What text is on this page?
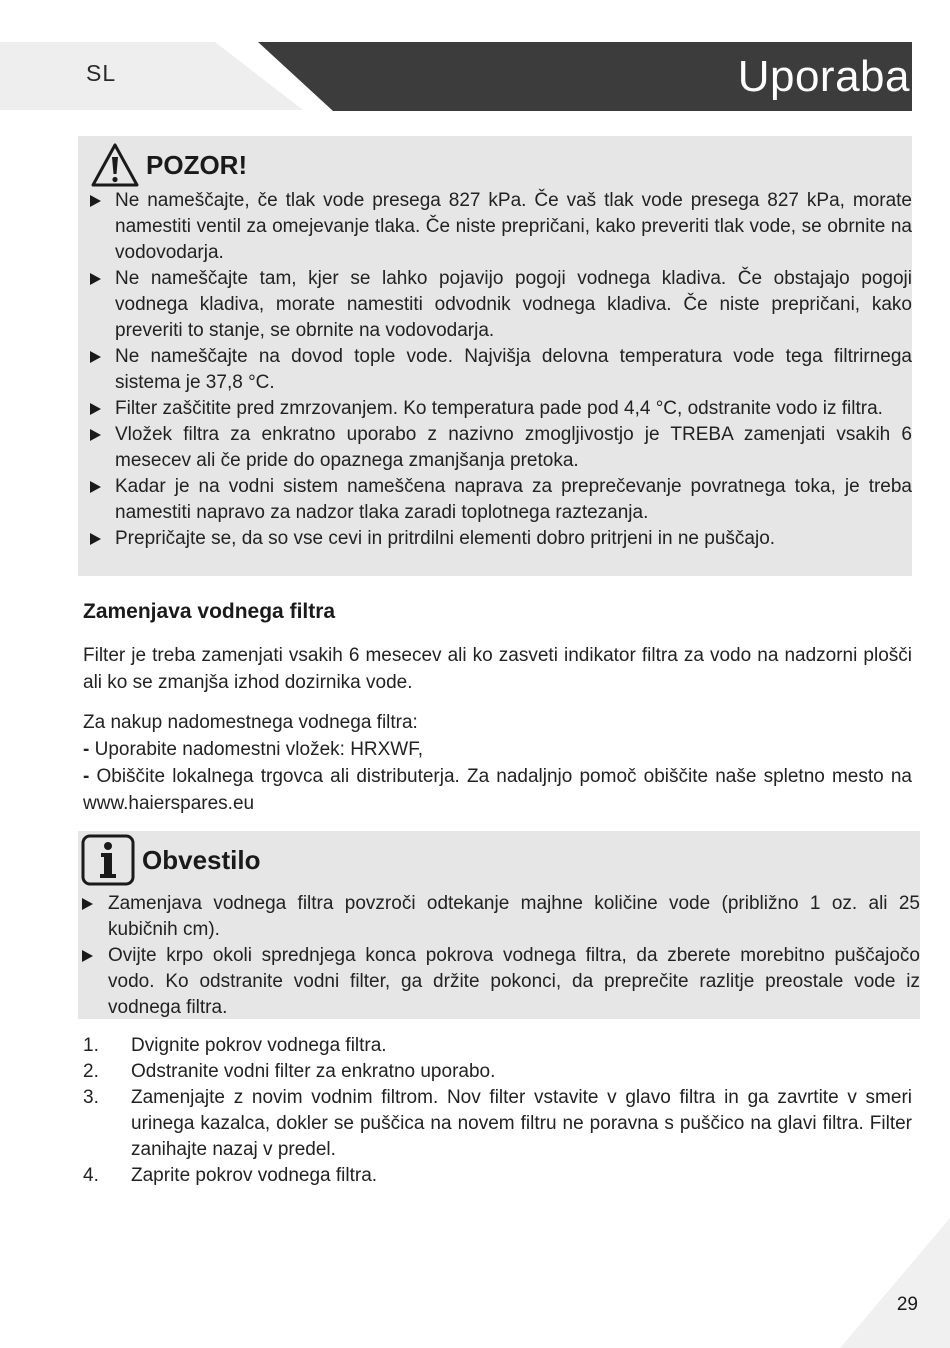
SL	Uporaba
POZOR!
Ne nameščajte, če tlak vode presega 827 kPa. Če vaš tlak vode presega 827 kPa, morate namestiti ventil za omejevanje tlaka. Če niste prepričani, kako preveriti tlak vode, se obrnite na vodovodarja.
Ne nameščajte tam, kjer se lahko pojavijo pogoji vodnega kladiva. Če obstajajo pogoji vodnega kladiva, morate namestiti odvodnik vodnega kladiva. Če niste prepričani, kako preveriti to stanje, se obrnite na vodovodarja.
Ne nameščajte na dovod tople vode. Najvišja delovna temperatura vode tega filtrirnega sistema je 37,8 °C.
Filter zaščitite pred zmrzovanjem. Ko temperatura pade pod 4,4 °C, odstranite vodo iz filtra.
Vložek filtra za enkratno uporabo z nazivno zmogljivostjo je TREBA zamenjati vsakih 6 mesecev ali če pride do opaznega zmanjšanja pretoka.
Kadar je na vodni sistem nameščena naprava za preprečevanje povratnega toka, je treba namestiti napravo za nadzor tlaka zaradi toplotnega raztezanja.
Prepričajte se, da so vse cevi in pritrdilni elementi dobro pritrjeni in ne puščajo.
Zamenjava vodnega filtra

Filter je treba zamenjati vsakih 6 mesecev ali ko zasveti indikator filtra za vodo na nadzorni plošči ali ko se zmanjša izhod dozirnika vode.

Za nakup nadomestnega vodnega filtra:
- Uporabite nadomestni vložek: HRXWF,
- Obiščite lokalnega trgovca ali distributerja. Za nadaljnjo pomoč obiščite naše spletno mesto na www.haierspares.eu

Obvestilo
Zamenjava vodnega filtra povzroči odtekanje majhne količine vode (približno 1 oz. ali 25 kubičnih cm).
Ovijte krpo okoli sprednjega konca pokrova vodnega filtra, da zberete morebitno puščajočo vodo. Ko odstranite vodni filter, ga držite pokonci, da preprečite razlitje preostale vode iz vodnega filtra.
1. Dvignite pokrov vodnega filtra.
2. Odstranite vodni filter za enkratno uporabo.
3. Zamenjajte z novim vodnim filtrom. Nov filter vstavite v glavo filtra in ga zavrtite v smeri urinega kazalca, dokler se puščica na novem filtru ne poravna s puščico na glavi filtra. Filter zanihajte nazaj v predel.
4. Zaprite pokrov vodnega filtra.
29
